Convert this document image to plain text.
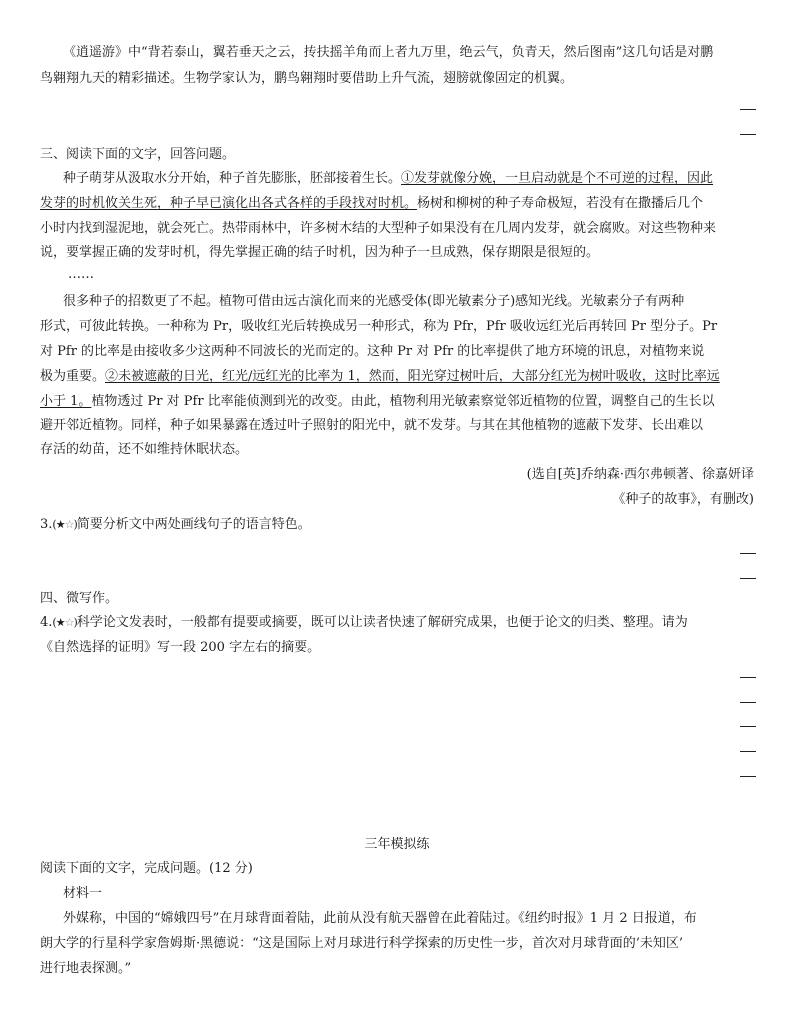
《逍遥游》中“背若泰山，翼若垂天之云，抟扶摇羊角而上者九万里，绝云气，负青天，然后图南”这几句话是对鹏
鸟翱翔九天的精彩描述。生物学家认为，鹏鸟翱翔时要借助上升气流，翅膀就像固定的机翼。
三、阅读下面的文字，回答问题。
种子萌芽从汲取水分开始，种子首先膨胀，胚部接着生长。①发芽就像分娩，一旦启动就是个不可逆的过程，因此
发芽的时机攸关生死，种子早已演化出各式各样的手段找对时机。杨树和柳树的种子寿命极短，若没有在撒播后几个
小时内找到湿泥地，就会死亡。热带雨林中，许多树木结的大型种子如果没有在几周内发芽，就会腐败。对这些物种来
说，要掌握正确的发芽时机，得先掌握正确的结子时机，因为种子一旦成熟，保存期限是很短的。
……
很多种子的招数更了不起。植物可借由远古演化而来的光感受体(即光敏素分子)感知光线。光敏素分子有两种
形式，可彼此转换。一种称为 Pr，吸收红光后转换成另一种形式，称为 Pfr，Pfr 吸收远红光后再转回 Pr 型分子。Pr
对 Pfr 的比率是由接收多少这两种不同波长的光而定的。这种 Pr 对 Pfr 的比率提供了地方环境的讯息，对植物来说
极为重要。②未被遮蔽的日光，红光/远红光的比率为 1，然而，阳光穿过树叶后，大部分红光为树叶吸收，这时比率远
小于 1。植物透过 Pr 对 Pfr 比率能侦测到光的改变。由此，植物利用光敏素察觉邻近植物的位置，调整自己的生长以
避开邻近植物。同样，种子如果暴露在透过叶子照射的阳光中，就不发芽。与其在其他植物的遮蔽下发芽、长出难以
存活的幼苗，还不如维持休眠状态。
(选自[英]乔纳森·西尔弗顿著、徐嘉妍译
《种子的故事》，有删改)
3.(★☆)简要分析文中两处画线句子的语言特色。
四、微写作。
4.(★☆)科学论文发表时，一般都有提要或摘要，既可以让读者快速了解研究成果，也便于论文的归类、整理。请为
《自然选择的证明》写一段 200 字左右的摘要。
三年模拟练
阅读下面的文字，完成问题。(12 分)
材料一
外媒称，中国的“嫦娥四号”在月球背面着陆，此前从没有航天器曾在此着陆过。《纽约时报》1 月 2 日报道，布
朗大学的行星科学家詹姆斯·黑德说：“这是国际上对月球进行科学探索的历史性一步，首次对月球背面的‘未知区’
进行地表探测。”
